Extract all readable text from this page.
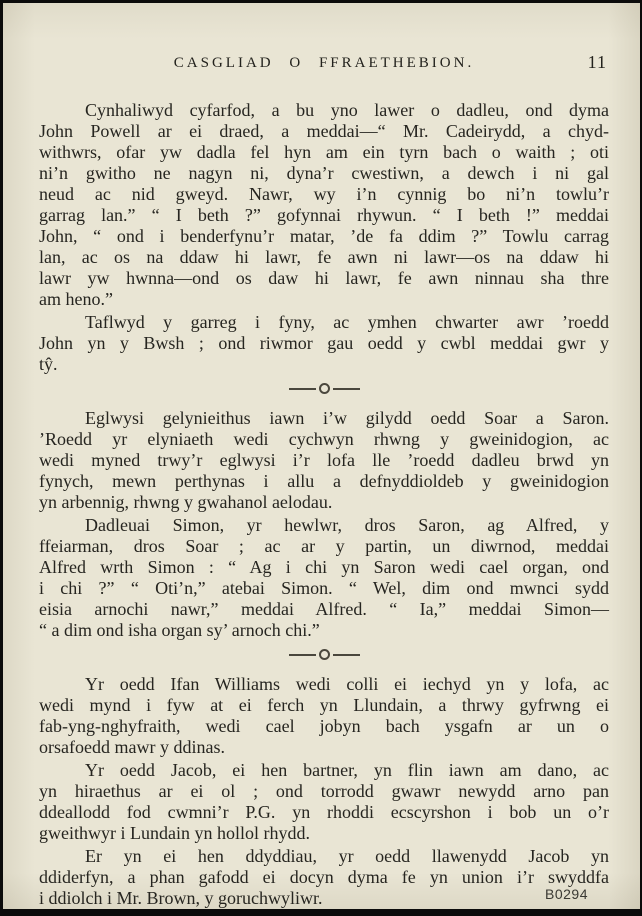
CASGLIAD O FFRAETHEBION.	11

Cynhaliwyd cyfarfod, a bu yno lawer o dadleu, ond dyma
John Powell ar ei draed, a meddai—“ Mr. Cadeirydd, a chyd-
withwrs, ofar yw dadla fel hyn am ein tyrn bach o waith ; oti
ni’n gwitho ne nagyn ni, dyna’r cwestiwn, a dewch i ni gal
neud ac nid gweyd. Nawr, wy i’n cynnig bo ni’n towlu’r
garrag lan.” “ I beth ?” gofynnai rhywun. “ I beth !” meddai
John, “ ond i benderfynu’r matar, ’de fa ddim ?” Towlu carrag
lan, ac os na ddaw hi lawr, fe awn ni lawr—os na ddaw hi
lawr yw hwnna—ond os daw hi lawr, fe awn ninnau sha thre
am heno.”

Taflwyd y garreg i fyny, ac ymhen chwarter awr ’roedd
John yn y Bwsh ; ond riwmor gau oedd y cwbl meddai gwr y
tŷ.

Eglwysi gelynieithus iawn i’w gilydd oedd Soar a Saron.
’Roedd yr elyniaeth wedi cychwyn rhwng y gweinidogion, ac
wedi myned trwy’r eglwysi i’r lofa lle ’roedd dadleu brwd yn
fynych, mewn perthynas i allu a defnyddioldeb y gweinidogion
yn arbennig, rhwng y gwahanol aelodau.

Dadleuai Simon, yr hewlwr, dros Saron, ag Alfred, y
ffeiarman, dros Soar ; ac ar y partin, un diwrnod, meddai
Alfred wrth Simon : “ Ag i chi yn Saron wedi cael organ, ond
i chi ?” “ Oti’n,” atebai Simon. “ Wel, dim ond mwnci sydd
eisia arnochi nawr,” meddai Alfred. “ Ia,” meddai Simon—
“ a dim ond isha organ sy’ arnoch chi.”

Yr oedd Ifan Williams wedi colli ei iechyd yn y lofa, ac
wedi mynd i fyw at ei ferch yn Llundain, a thrwy gyfrwng ei
fab-yng-nghyfraith, wedi cael jobyn bach ysgafn ar un o
orsafoedd mawr y ddinas.

Yr oedd Jacob, ei hen bartner, yn flin iawn am dano, ac
yn hiraethus ar ei ol ; ond torrodd gwawr newydd arno pan
ddeallodd fod cwmni’r P.G. yn rhoddi ecscyrshon i bob un o’r
gweithwyr i Lundain yn hollol rhydd.

Er yn ei hen ddyddiau, yr oedd llawenydd Jacob yn
ddiderfyn, a phan gafodd ei docyn dyma fe yn union i’r swyddfa
i ddiolch i Mr. Brown, y goruchwyliwr.	B0294
